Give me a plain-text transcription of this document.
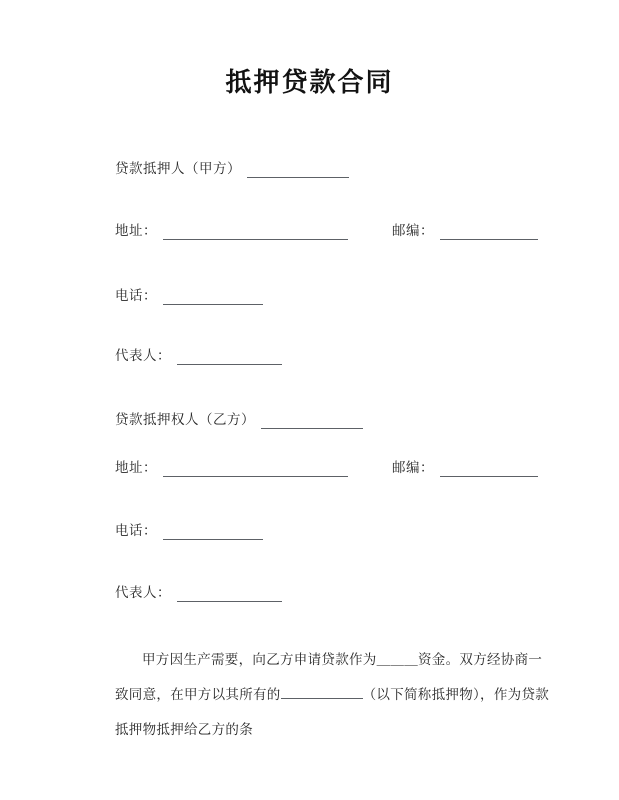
抵押贷款合同
贷款抵押人（甲方）
地址：	邮编：
电话：
代表人：
贷款抵押权人（乙方）
地址：	邮编：
电话：
代表人：
甲方因生产需要，向乙方申请贷款作为＿＿＿资金。双方经协商一致同意，在甲方以其所有的	（以下简称抵押物），作为贷款抵押物抵押给乙方的条
